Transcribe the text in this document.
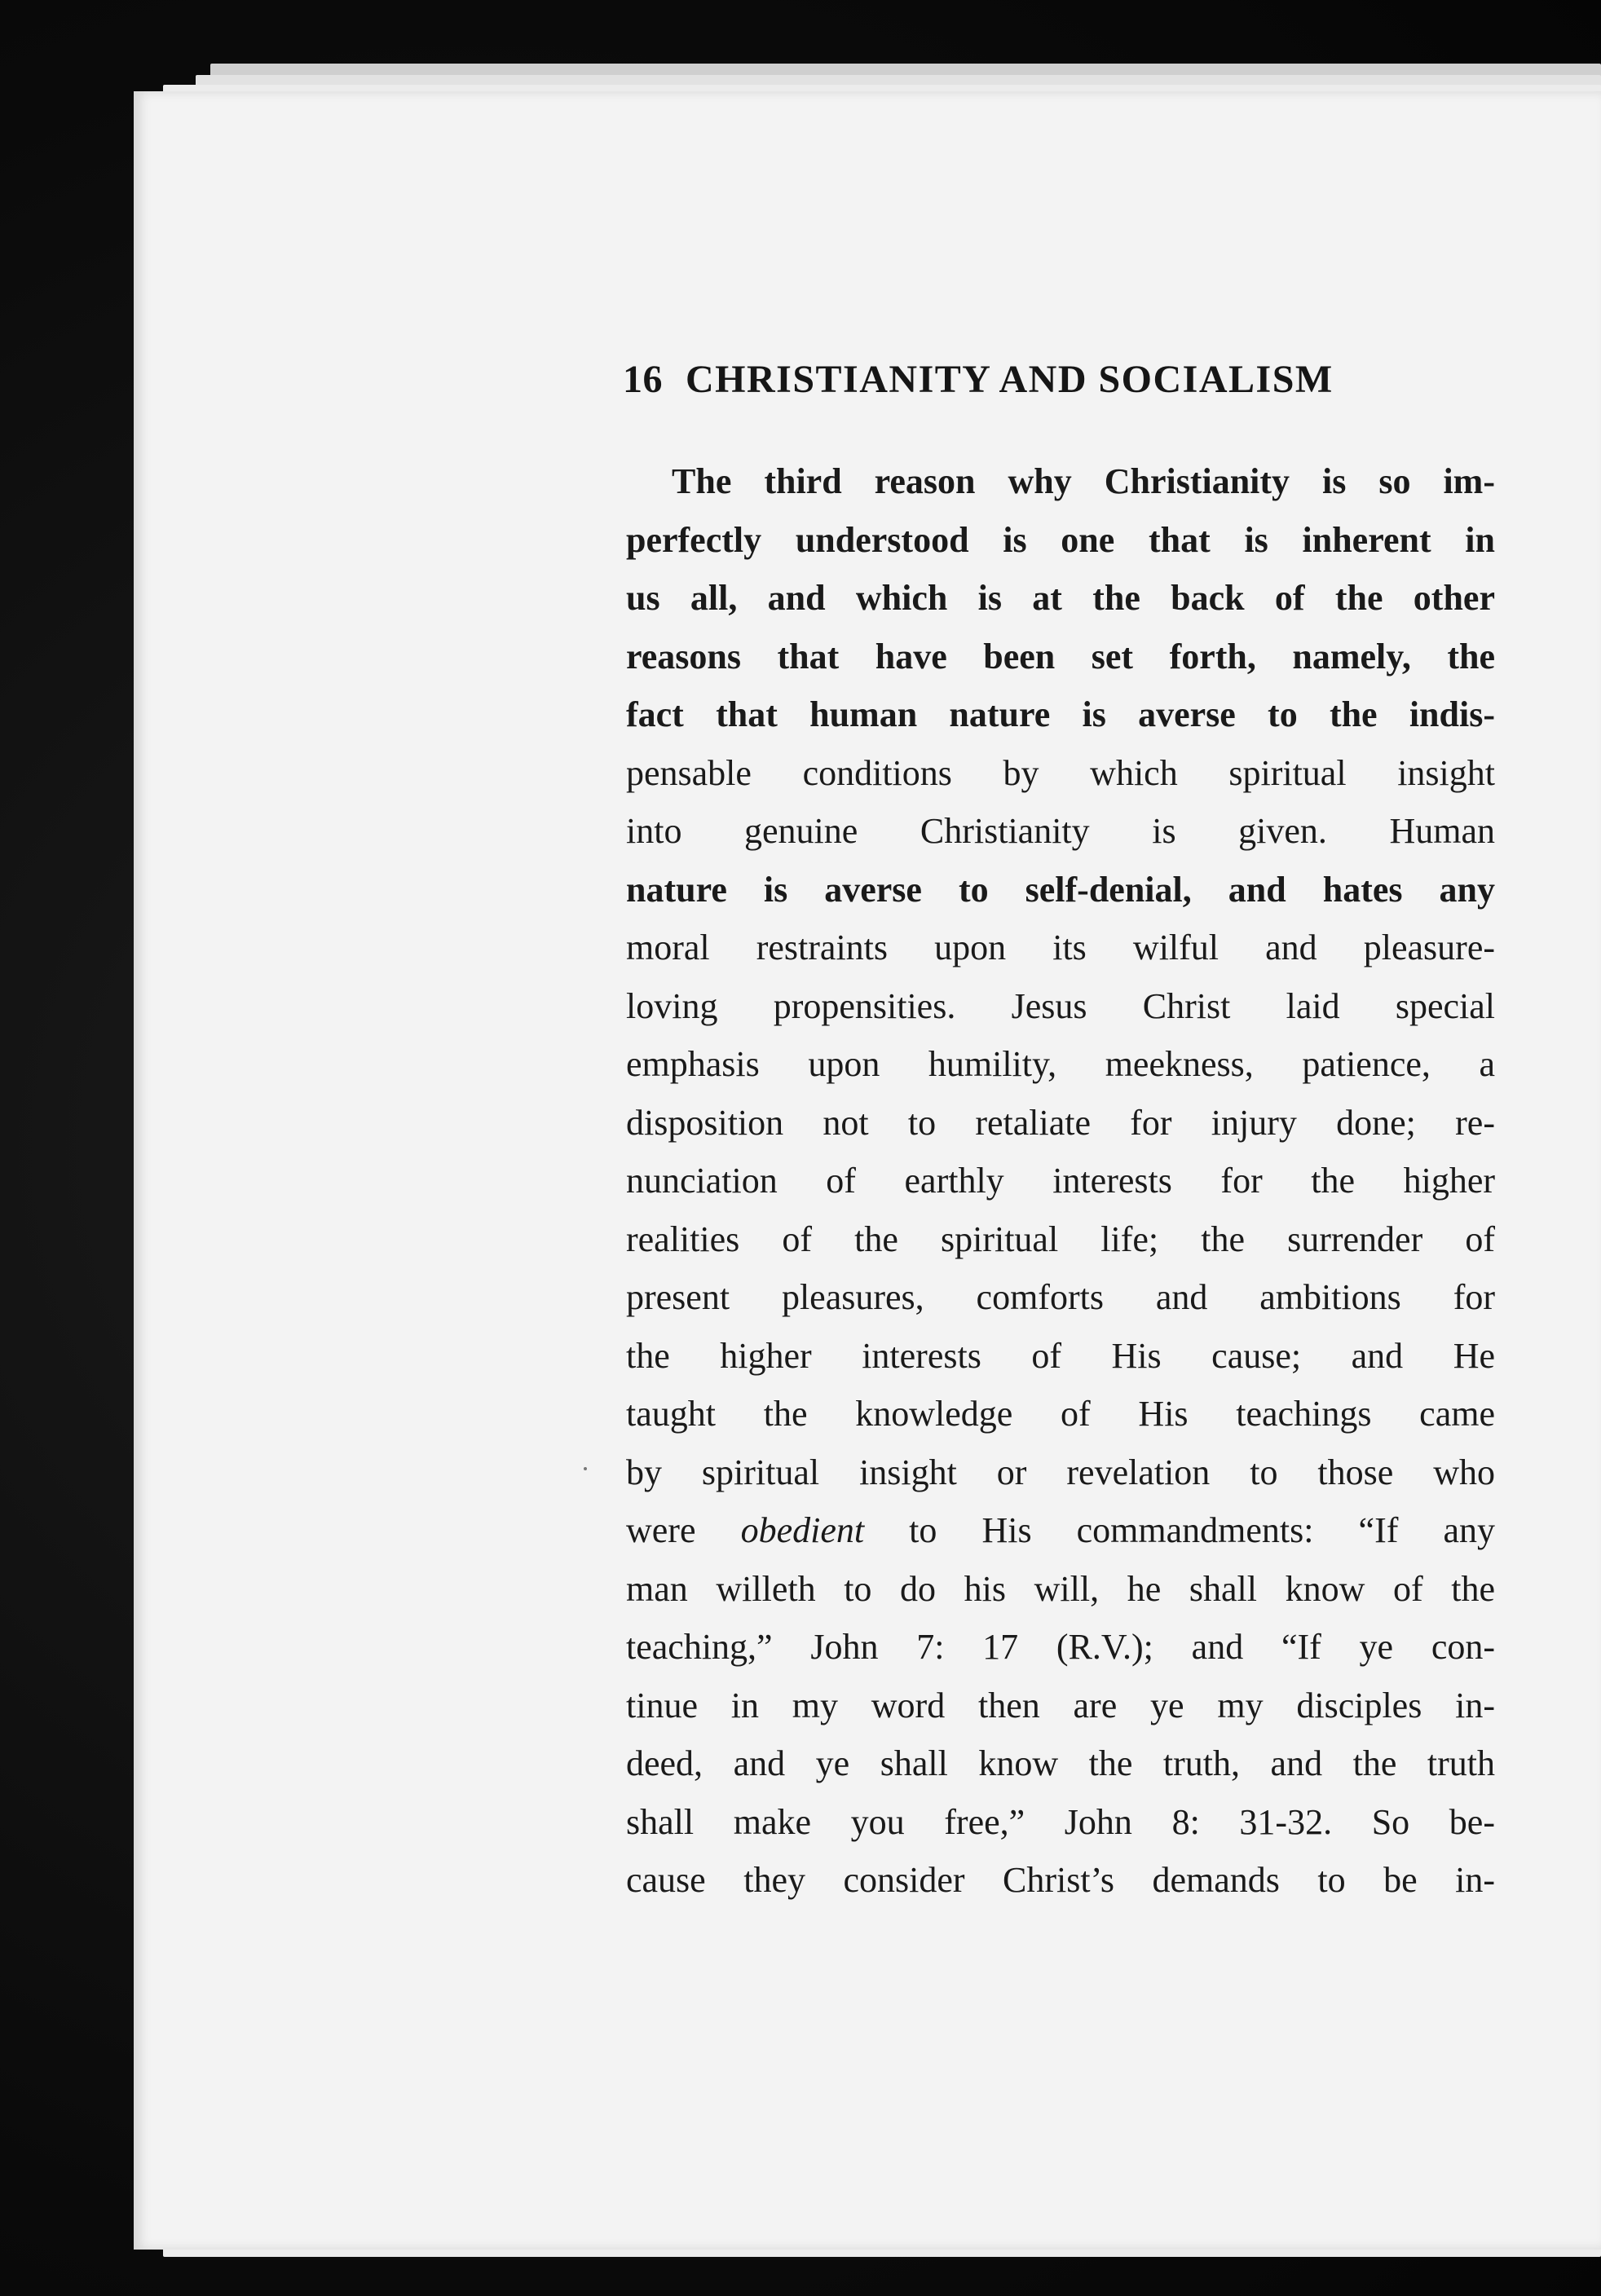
16 CHRISTIANITY AND SOCIALISM
The third reason why Christianity is so im-
perfectly understood is one that is inherent in
us all, and which is at the back of the other
reasons that have been set forth, namely, the
fact that human nature is averse to the indis-
pensable conditions by which spiritual insight
into genuine Christianity is given. Human
nature is averse to self-denial, and hates any
moral restraints upon its wilful and pleasure-
loving propensities. Jesus Christ laid special
emphasis upon humility, meekness, patience, a
disposition not to retaliate for injury done; re-
nunciation of earthly interests for the higher
realities of the spiritual life; the surrender of
present pleasures, comforts and ambitions for
the higher interests of His cause; and He
taught the knowledge of His teachings came
by spiritual insight or revelation to those who
were obedient to His commandments: “If any
man willeth to do his will, he shall know of the
teaching,” John 7: 17 (R.V.); and “If ye con-
tinue in my word then are ye my disciples in-
deed, and ye shall know the truth, and the truth
shall make you free,” John 8: 31-32. So be-
cause they consider Christ’s demands to be in-
